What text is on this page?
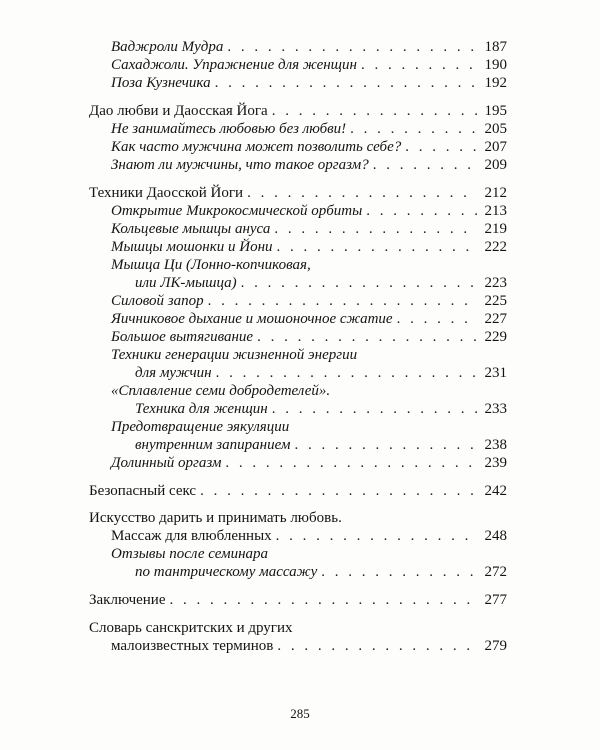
Ваджроли Мудра . . .	187
Сахаджоли. Упражнение для женщин . . .	190
Поза Кузнечика . . .	192
Дао любви и Даосская Йога . . .	195
Не занимайтесь любовью без любви! . . .	205
Как часто мужчина может позволить себе? . . .	207
Знают ли мужчины, что такое оргазм? . . .	209
Техники Даосской Йоги . . .	212
Открытие Микрокосмической орбиты . . .	213
Кольцевые мышцы ануса . . .	219
Мышцы мошонки и Йони . . .	222
Мышца Ци (Лонно-копчиковая,
или ЛК-мышца) . . .	223
Силовой запор . . .	225
Яичниковое дыхание и мошоночное сжатие . . .	227
Большое вытягивание . . .	229
Техники генерации жизненной энергии
для мужчин . . .	231
«Сплавление семи добродетелей».
Техника для женщин . . .	233
Предотвращение эякуляции
внутренним запиранием . . .	238
Долинный оргазм . . .	239
Безопасный секс . . .	242
Искусство дарить и принимать любовь.
Массаж для влюбленных . . .	248
Отзывы после семинара
по тантрическому массажу . . .	272
Заключение . . .	277
Словарь санскритских и других
малоизвестных терминов . . .	279
285
